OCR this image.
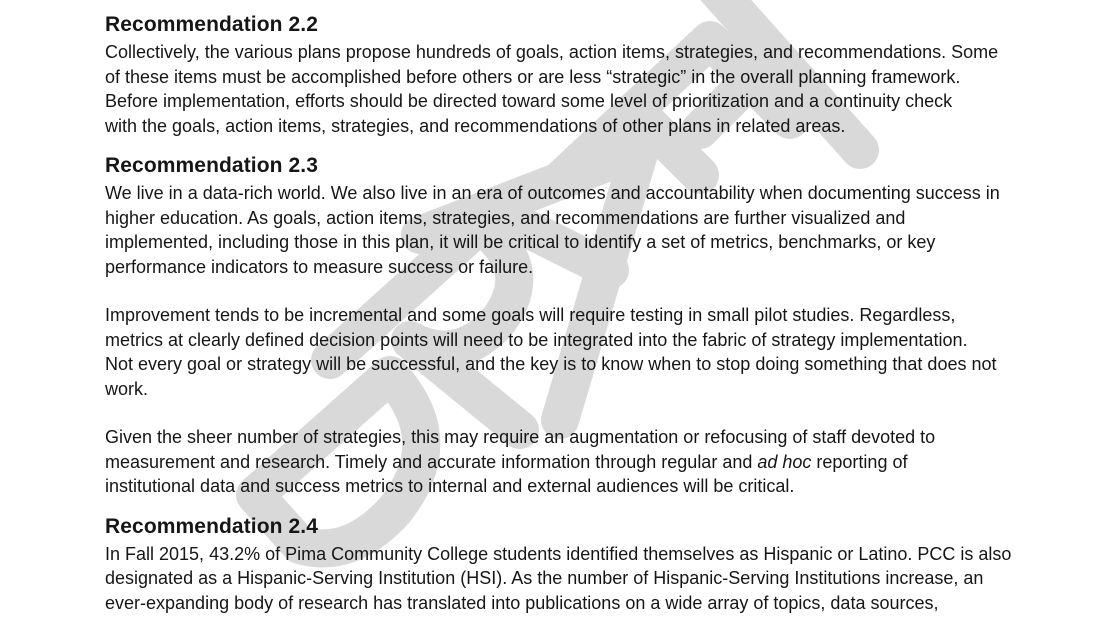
Recommendation 2.2

Collectively, the various plans propose hundreds of goals, action items, strategies, and recommendations. Some
of these items must be accomplished before others or are less “strategic” in the overall planning framework.
Before implementation, efforts should be directed toward some level of prioritization and a continuity check
with the goals, action items, strategies, and recommendations of other plans in related areas.

Recommendation 2.3

We live in a data-rich world. We also live in an era of outcomes and accountability when documenting success in
higher education. As goals, action items, strategies, and recommendations are further visualized and
implemented, including those in this plan, it will be critical to identify a set of metrics, benchmarks, or key
performance indicators to measure success or failure.

Improvement tends to be incremental and some goals will require testing in small pilot studies. Regardless,
metrics at clearly defined decision points will need to be integrated into the fabric of strategy implementation.
Not every goal or strategy will be successful, and the key is to know when to stop doing something that does not
work.

Given the sheer number of strategies, this may require an augmentation or refocusing of staff devoted to
measurement and research. Timely and accurate information through regular and ad hoc reporting of
institutional data and success metrics to internal and external audiences will be critical.

Recommendation 2.4

In Fall 2015, 43.2% of Pima Community College students identified themselves as Hispanic or Latino. PCC is also
designated as a Hispanic-Serving Institution (HSI). As the number of Hispanic-Serving Institutions increase, an
ever-expanding body of research has translated into publications on a wide array of topics, data sources,
